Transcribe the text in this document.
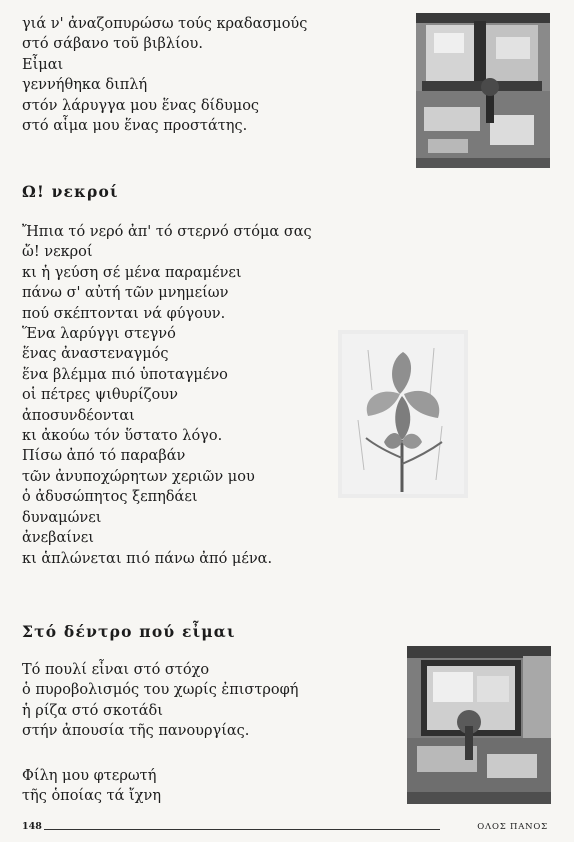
γιά ν' ἀναζοπυρώσω τούς κραδασμούς
στό σάβανο τοῦ βιβλίου.
Εἶμαι
γεννήθηκα διπλή
στόν λάρυγγα μου ἕνας δίδυμος
στό αἷμα μου ἕνας προστάτης.
Ω! νεκροί
Ἤπια τό νερό ἀπ' τό στερνό στόμα σας
ὤ! νεκροί
κι ἡ γεύση σέ μένα παραμένει
πάνω σ' αὐτή τῶν μνημείων
πού σκέπτονται νά φύγουν.
Ἕνα λαρύγγι στεγνό
ἕνας ἀναστεναγμός
ἕνα βλέμμα πιό ὑποταγμένο
οἱ πέτρες ψιθυρίζουν
ἀποσυνδέονται
κι ἀκούω τόν ὕστατο λόγο.
Πίσω ἀπό τό παραβάν
τῶν ἀνυποχώρητων χεριῶν μου
ὁ ἀδυσώπητος ξεπηδάει
δυναμώνει
ἀνεβαίνει
κι ἁπλώνεται πιό πάνω ἀπό μένα.
Στό δέντρο πού εἶμαι
Τό πουλί εἶναι στό στόχο
ὁ πυροβολισμός του χωρίς ἐπιστροφή
ἡ ρίζα στό σκοτάδι
στήν ἀπουσία τῆς πανουργίας.
Φίλη μου φτερωτή
τῆς ὁποίας τά ἴχνη
148	ΟΛΟΣ ΠΑΝΟΣ
